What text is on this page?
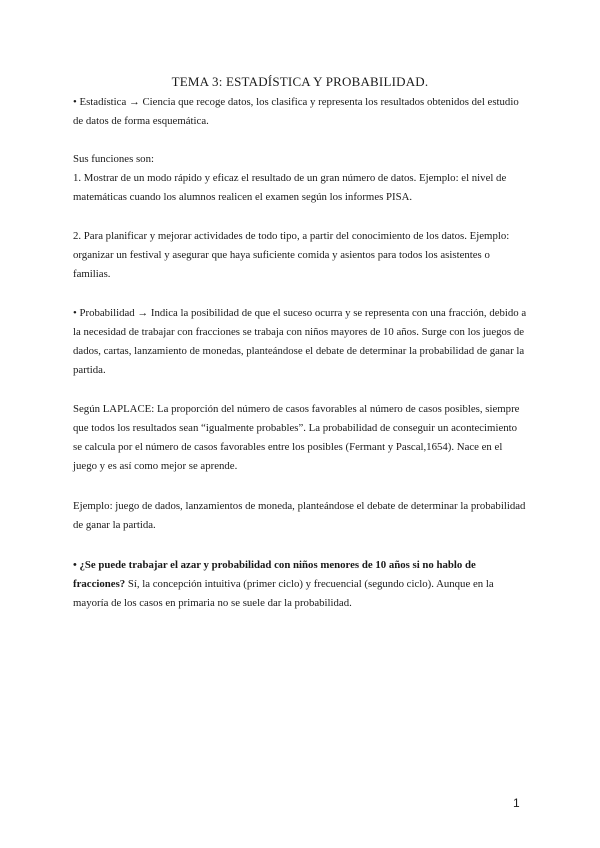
TEMA 3: ESTADÍSTICA Y PROBABILIDAD.

• Estadística → Ciencia que recoge datos, los clasifica y representa los resultados obtenidos del estudio de datos de forma esquemática.

Sus funciones son:

1. Mostrar de un modo rápido y eficaz el resultado de un gran número de datos. Ejemplo: el nivel de matemáticas cuando los alumnos realicen el examen según los informes PISA.

2. Para planificar y mejorar actividades de todo tipo, a partir del conocimiento de los datos. Ejemplo: organizar un festival y asegurar que haya suficiente comida y asientos para todos los asistentes o familias.

• Probabilidad → Indica la posibilidad de que el suceso ocurra y se representa con una fracción, debido a la necesidad de trabajar con fracciones se trabaja con niños mayores de 10 años. Surge con los juegos de dados, cartas, lanzamiento de monedas, planteándose el debate de determinar la probabilidad de ganar la partida.

Según LAPLACE: La proporción del número de casos favorables al número de casos posibles, siempre que todos los resultados sean “igualmente probables”. La probabilidad de conseguir un acontecimiento se calcula por el número de casos favorables entre los posibles (Fermant y Pascal,1654). Nace en el juego y es así como mejor se aprende.

Ejemplo: juego de dados, lanzamientos de moneda, planteándose el debate de determinar la probabilidad de ganar la partida.

• ¿Se puede trabajar el azar y probabilidad con niños menores de 10 años si no hablo de fracciones? Sí, la concepción intuitiva (primer ciclo) y frecuencial (segundo ciclo). Aunque en la mayoría de los casos en primaria no se suele dar la probabilidad.

1
